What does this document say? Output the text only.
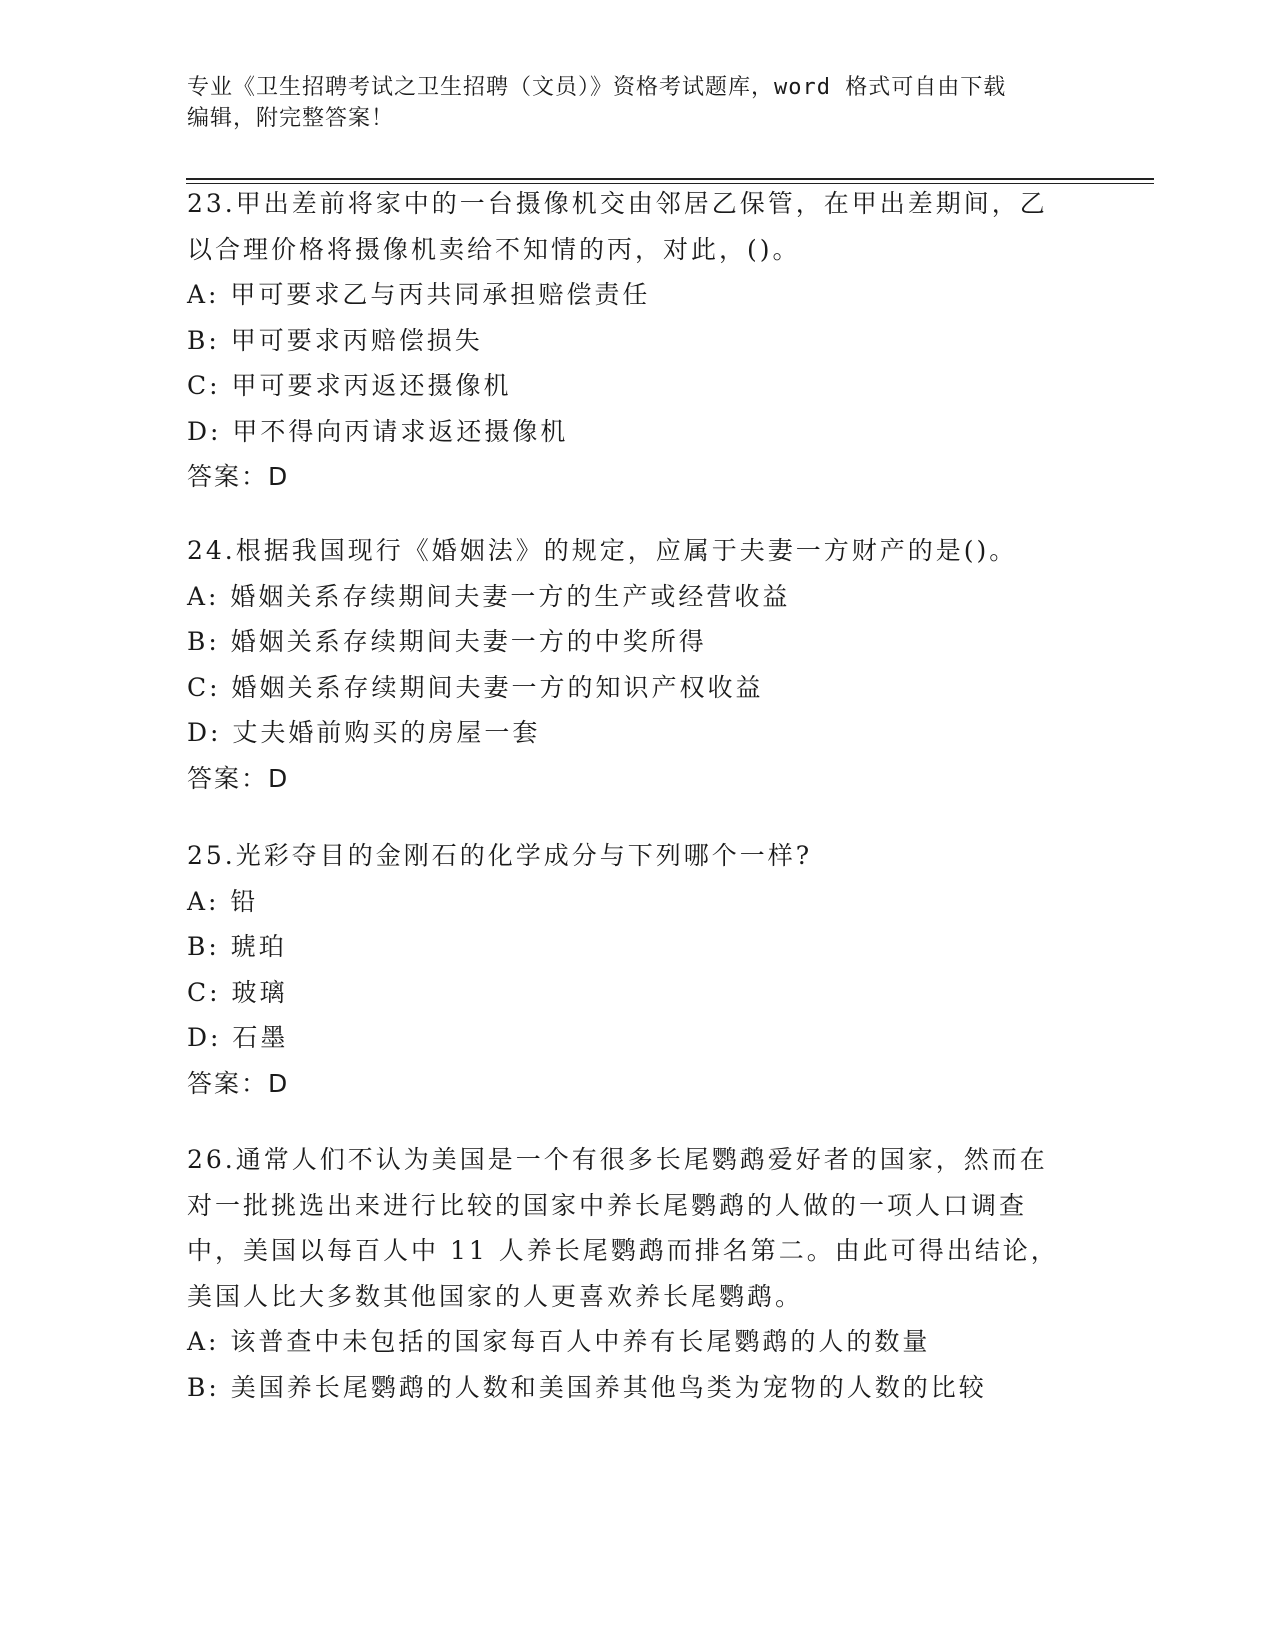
专业《卫生招聘考试之卫生招聘（文员）》资格考试题库，word 格式可自由下载
编辑，附完整答案！
23.甲出差前将家中的一台摄像机交由邻居乙保管，在甲出差期间，乙
以合理价格将摄像机卖给不知情的丙，对此，()。
A: 甲可要求乙与丙共同承担赔偿责任
B: 甲可要求丙赔偿损失
C: 甲可要求丙返还摄像机
D: 甲不得向丙请求返还摄像机
答案：D
24.根据我国现行《婚姻法》的规定，应属于夫妻一方财产的是()。
A: 婚姻关系存续期间夫妻一方的生产或经营收益
B: 婚姻关系存续期间夫妻一方的中奖所得
C: 婚姻关系存续期间夫妻一方的知识产权收益
D: 丈夫婚前购买的房屋一套
答案：D
25.光彩夺目的金刚石的化学成分与下列哪个一样?
A: 铅
B: 琥珀
C: 玻璃
D: 石墨
答案：D
26.通常人们不认为美国是一个有很多长尾鹦鹉爱好者的国家，然而在
对一批挑选出来进行比较的国家中养长尾鹦鹉的人做的一项人口调查
中，美国以每百人中 11 人养长尾鹦鹉而排名第二。由此可得出结论，
美国人比大多数其他国家的人更喜欢养长尾鹦鹉。
A: 该普查中未包括的国家每百人中养有长尾鹦鹉的人的数量
B: 美国养长尾鹦鹉的人数和美国养其他鸟类为宠物的人数的比较
